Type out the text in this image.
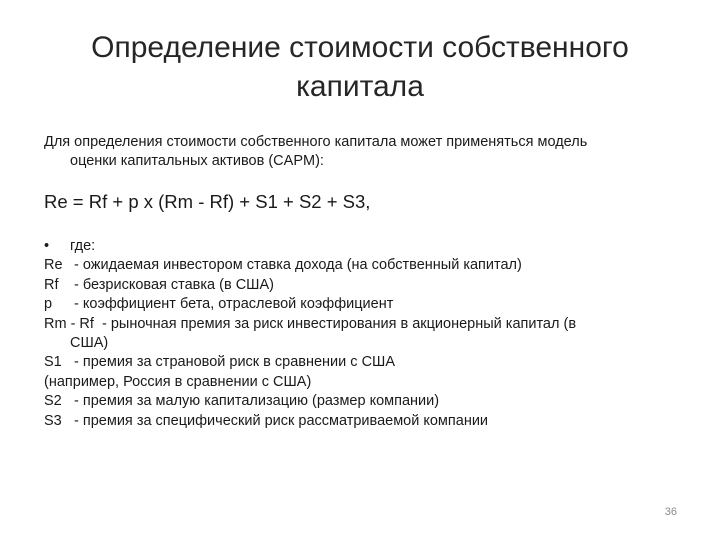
Определение стоимости собственного
капитала
Для определения стоимости собственного капитала может применяться модель
оценки капитальных активов (CAPM):
Re = Rf + р x (Rm - Rf) + S1 + S2 + S3,
• где:
Re - ожидаемая инвестором ставка дохода (на собственный капитал)
Rf - безрисковая ставка (в США)
р - коэффициент бета, отраслевой коэффициент
Rm - Rf  - рыночная премия за риск инвестирования в акционерный капитал (в
США)
S1 - премия за страновой риск в сравнении с США
(например, Россия в сравнении с США)
S2 - премия за малую капитализацию (размер компании)
S3 - премия за специфический риск рассматриваемой компании
36
